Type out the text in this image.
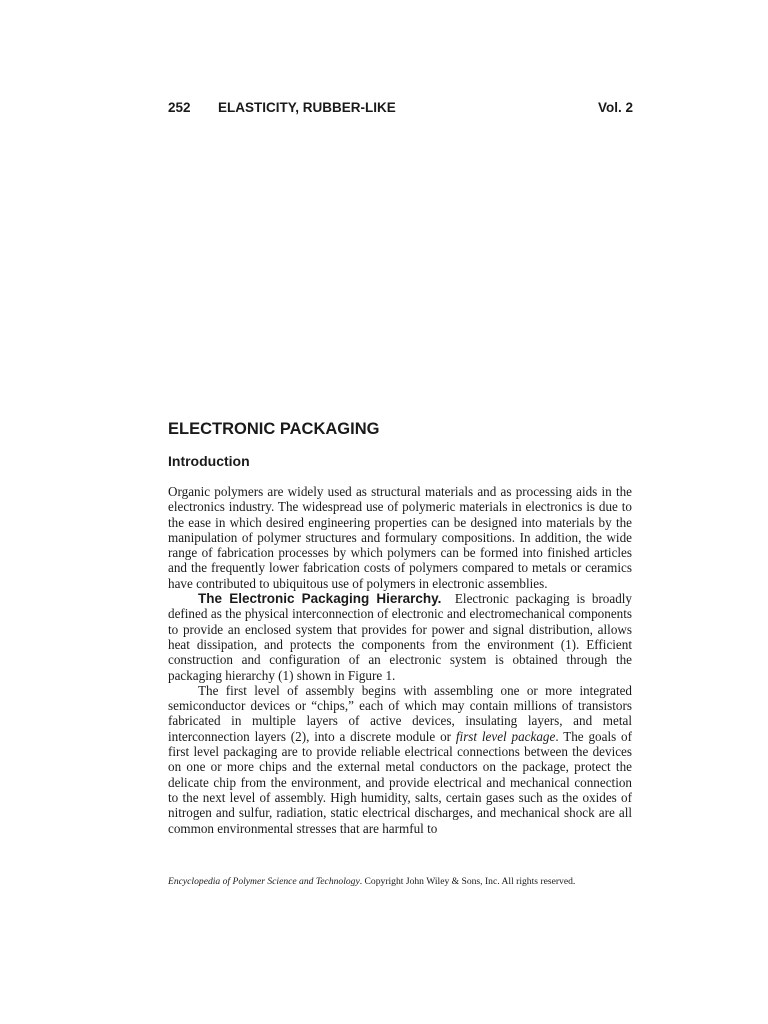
252 ELASTICITY, RUBBER-LIKE	Vol. 2
ELECTRONIC PACKAGING
Introduction

Organic polymers are widely used as structural materials and as processing aids in the electronics industry. The widespread use of polymeric materials in electronics is due to the ease in which desired engineering properties can be designed into materials by the manipulation of polymer structures and formulary compositions. In addition, the wide range of fabrication processes by which polymers can be formed into finished articles and the frequently lower fabrication costs of polymers compared to metals or ceramics have contributed to ubiquitous use of polymers in electronic assemblies.

The Electronic Packaging Hierarchy. Electronic packaging is broadly defined as the physical interconnection of electronic and electromechanical components to provide an enclosed system that provides for power and signal distribution, allows heat dissipation, and protects the components from the environment (1). Efficient construction and configuration of an electronic system is obtained through the packaging hierarchy (1) shown in Figure 1.

The first level of assembly begins with assembling one or more integrated semiconductor devices or “chips,” each of which may contain millions of transistors fabricated in multiple layers of active devices, insulating layers, and metal interconnection layers (2), into a discrete module or first level package. The goals of first level packaging are to provide reliable electrical connections between the devices on one or more chips and the external metal conductors on the package, protect the delicate chip from the environment, and provide electrical and mechanical connection to the next level of assembly. High humidity, salts, certain gases such as the oxides of nitrogen and sulfur, radiation, static electrical discharges, and mechanical shock are all common environmental stresses that are harmful to

Encyclopedia of Polymer Science and Technology. Copyright John Wiley & Sons, Inc. All rights reserved.
